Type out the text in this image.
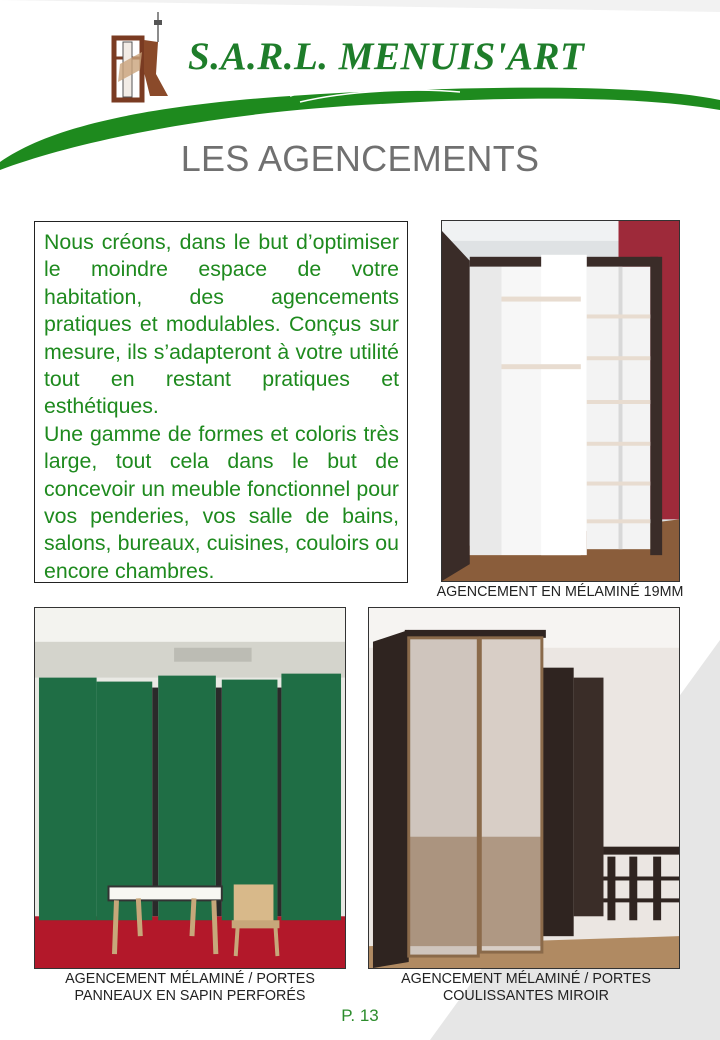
S.A.R.L. MENUIS'ART
LES AGENCEMENTS

Nous créons, dans le but d’optimiser le moindre espace de votre habitation, des agencements pratiques et modulables. Conçus sur mesure, ils s’adapteront à votre utilité tout en restant pratiques et esthétiques.

Une gamme de formes et coloris très large, tout cela dans le but de concevoir un meuble fonctionnel pour vos penderies, vos salle de bains, salons, bureaux, cuisines, couloirs ou encore chambres.

AGENCEMENT EN MÉLAMINÉ 19MM
AGENCEMENT MÉLAMINÉ / PORTES
PANNEAUX EN SAPIN PERFORÉS
AGENCEMENT MÉLAMINÉ / PORTES
COULISSANTES MIROIR
P. 13
